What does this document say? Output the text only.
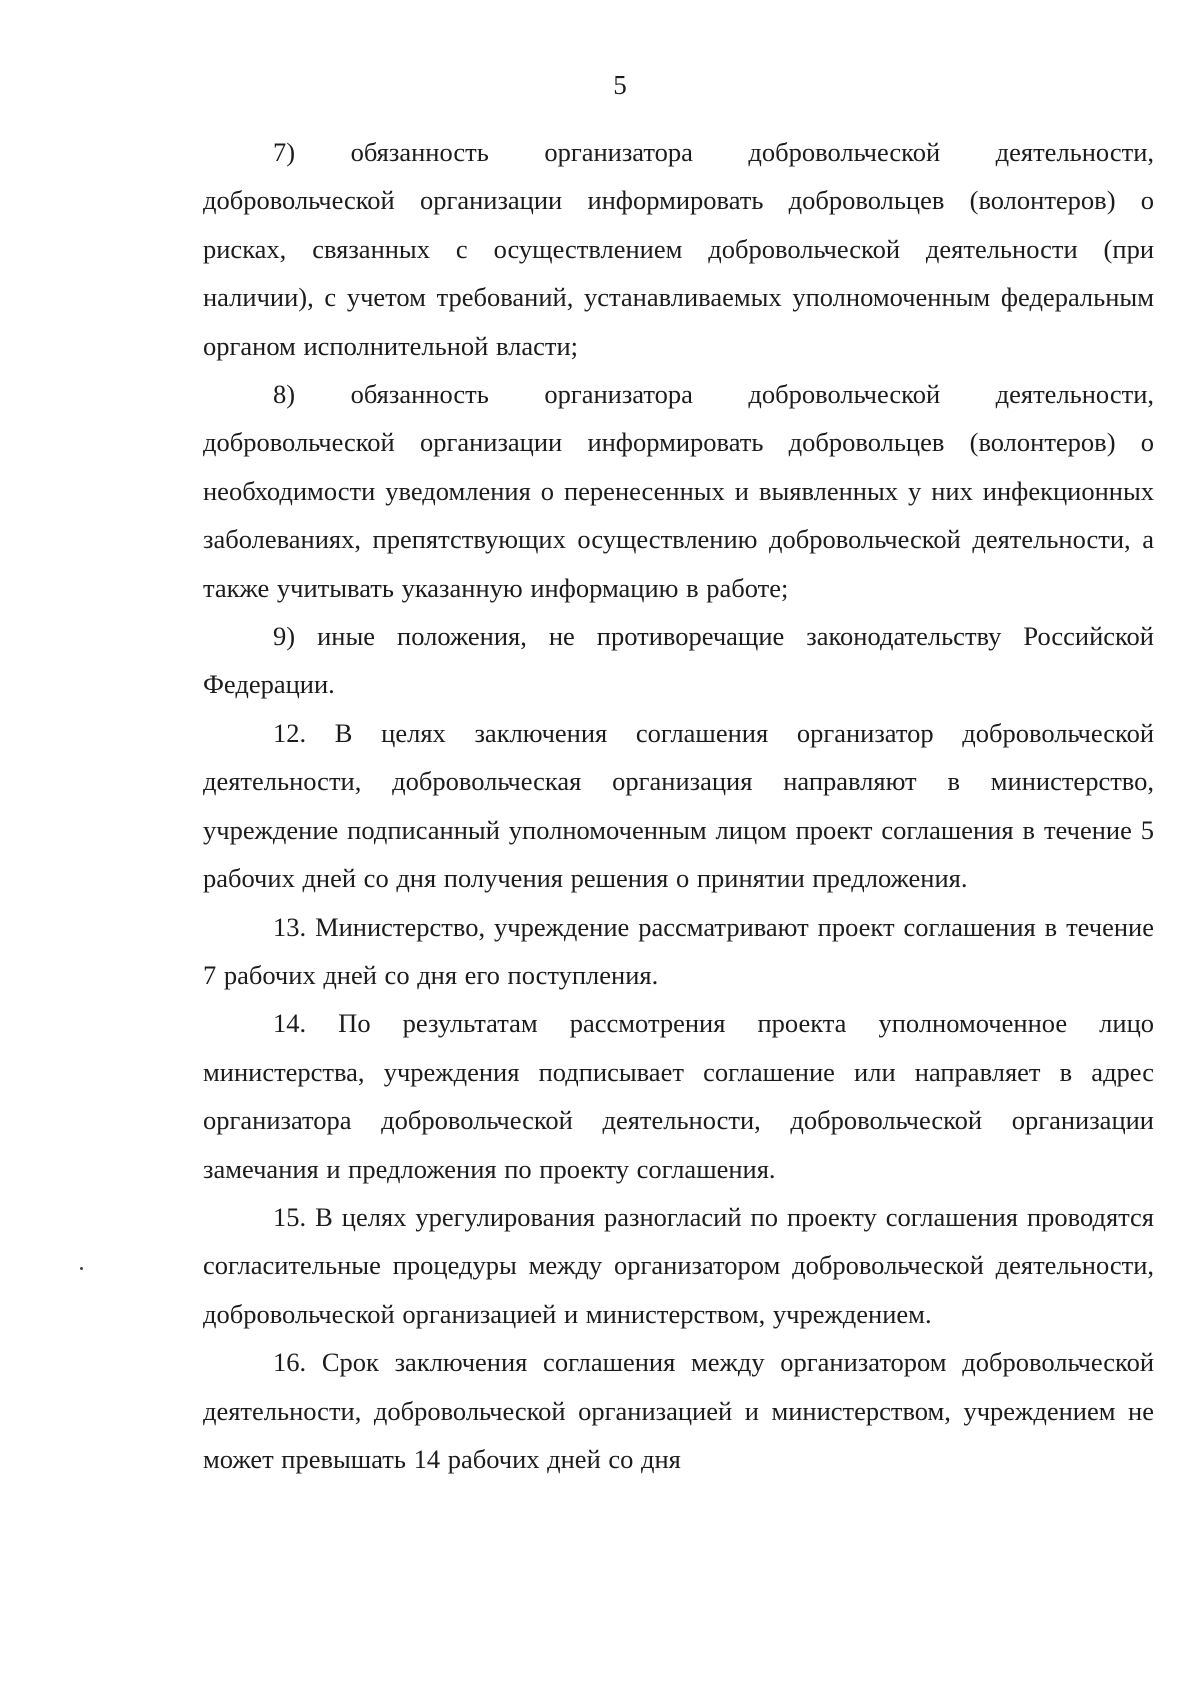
5

7) обязанность организатора добровольческой деятельности, добровольческой организации информировать добровольцев (волонтеров) о рисках, связанных с осуществлением добровольческой деятельности (при наличии), с учетом требований, устанавливаемых уполномоченным федеральным органом исполнительной власти;

8) обязанность организатора добровольческой деятельности, добровольческой организации информировать добровольцев (волонтеров) о необходимости уведомления о перенесенных и выявленных у них инфекционных заболеваниях, препятствующих осуществлению добровольческой деятельности, а также учитывать указанную информацию в работе;

9) иные положения, не противоречащие законодательству Российской Федерации.

12. В целях заключения соглашения организатор добровольческой деятельности, добровольческая организация направляют в министерство, учреждение подписанный уполномоченным лицом проект соглашения в течение 5 рабочих дней со дня получения решения о принятии предложения.

13. Министерство, учреждение рассматривают проект соглашения в течение 7 рабочих дней со дня его поступления.

14. По результатам рассмотрения проекта уполномоченное лицо министерства, учреждения подписывает соглашение или направляет в адрес организатора добровольческой деятельности, добровольческой организации замечания и предложения по проекту соглашения.

15. В целях урегулирования разногласий по проекту соглашения проводятся согласительные процедуры между организатором добровольческой деятельности, добровольческой организацией и министерством, учреждением.

16. Срок заключения соглашения между организатором добровольческой деятельности, добровольческой организацией и министерством, учреждением не может превышать 14 рабочих дней со дня
